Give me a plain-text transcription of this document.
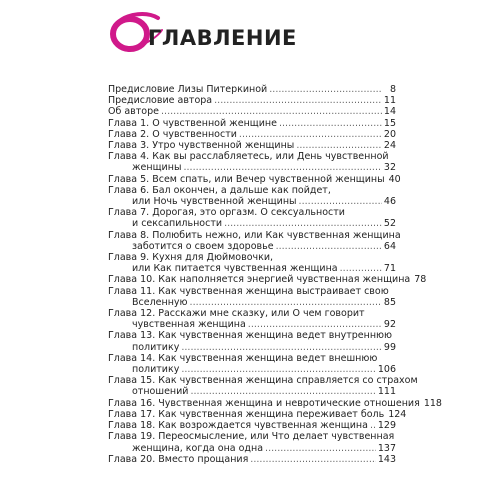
ГЛАВЛЕНИЕ
Предисловие Лизы Питеркиной . . .	8
Предисловие автора . . .	11
Об авторе . . .	14
Глава 1. О чувственной женщине . . .	15
Глава 2. О чувственности . . .	20
Глава 3. Утро чувственной женщины . . .	24
Глава 4. Как вы расслабляетесь, или День чувственной
женщины . . .	32
Глава 5. Всем спать, или Вечер чувственной женщины 40
Глава 6. Бал окончен, а дальше как пойдет,
или Ночь чувственной женщины . . .	46
Глава 7. Дорогая, это оргазм. О сексуальности
и сексапильности . . .	52
Глава 8. Полюбить нежно, или Как чувственная женщина
заботится о своем здоровье . . .	64
Глава 9. Кухня для Дюймовочки,
или Как питается чувственная женщина . . .	71
Глава 10. Как наполняется энергией чувственная женщина 78
Глава 11. Как чувственная женщина выстраивает свою
Вселенную . . .	85
Глава 12. Расскажи мне сказку, или О чем говорит
чувственная женщина . . .	92
Глава 13. Как чувственная женщина ведет внутреннюю
политику . . .	99
Глава 14. Как чувственная женщина ведет внешнюю
политику . . .	106
Глава 15. Как чувственная женщина справляется со страхом
отношений . . .	111
Глава 16. Чувственная женщина и невротические отношения 118
Глава 17. Как чувственная женщина переживает боль 124
Глава 18. Как возрождается чувственная женщина . . . 129
Глава 19. Переосмысление, или Что делает чувственная
женщина, когда она одна . . .	137
Глава 20. Вместо прощания . . .	143
